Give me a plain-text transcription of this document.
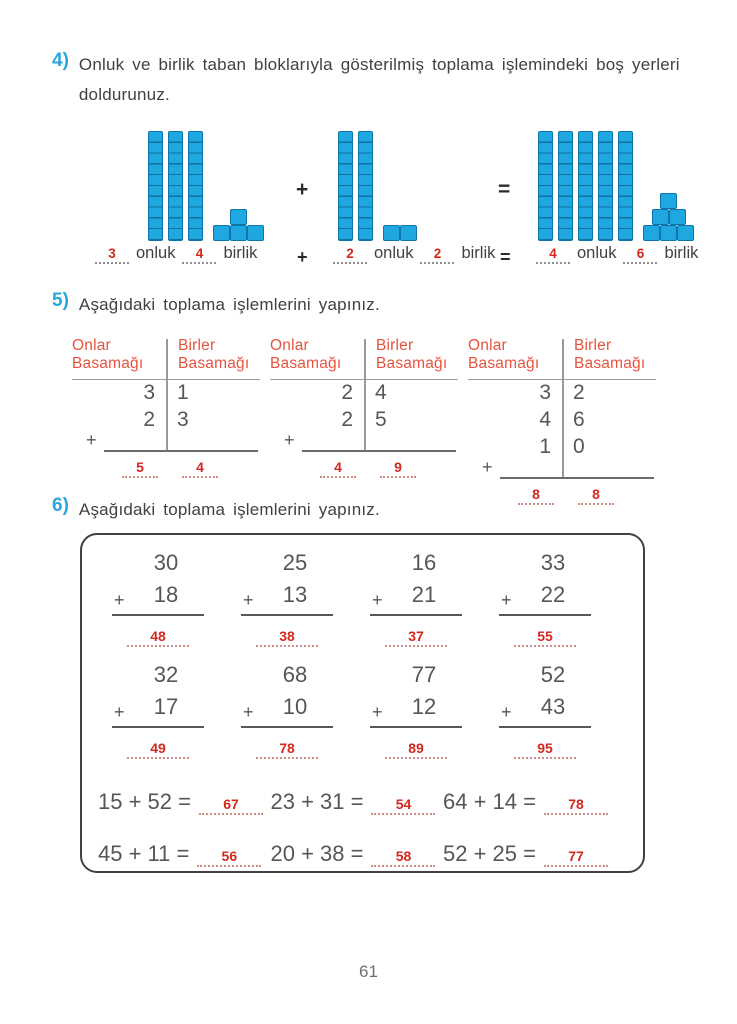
4) Onluk ve birlik taban bloklarıyla gösterilmiş toplama işlemindeki boş yerleri doldurunuz.
+	=
3	onluk	4	birlik +	2	onluk	2	birlik =	4	onluk	6	birlik
5) Aşağıdaki toplama işlemlerini yapınız.
Onlar Basamağı
Birler Basamağı
3	1
2	3
+
5	4
Onlar Basamağı
Birler Basamağı
2	4
2	5
+
4	9
Onlar Basamağı
Birler Basamağı
3	2
4	6
1	0
+
8	8
6) Aşağıdaki toplama işlemlerini yapınız.
30
18
+
48
25
13
+
38
16
21
+
37
33
22
+
55
32
17
+
49
68
10
+
78
77
12
+
89
52
43
+
95
15 + 52 =	67	23 + 31 =	54	64 + 14 =	78
45 + 11 =	56	20 + 38 =	58	52 + 25 =	77
61
